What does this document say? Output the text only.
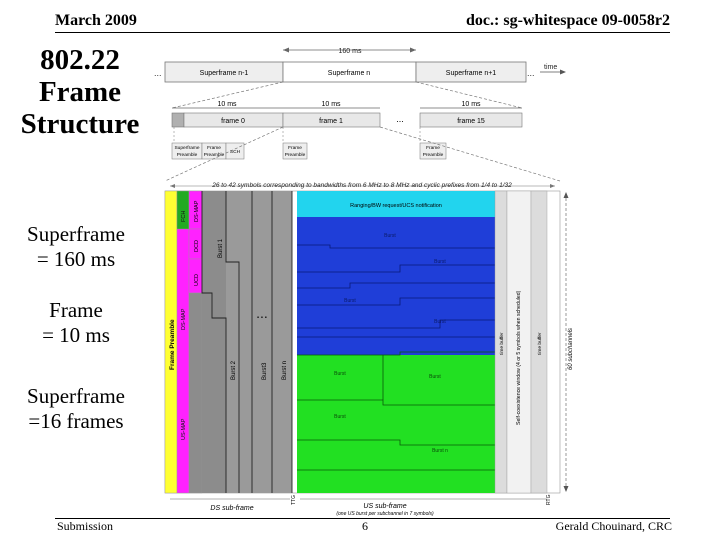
March 2009	doc.: sg-whitespace 09-0058r2
802.22
Frame
Structure
Superframe
= 160 ms
Frame
= 10 ms
Superframe
=16 frames
160 ms
...	Superframe n-1	Superframe n	Superframe n+1	...
time
10 ms	10 ms	10 ms
frame 0	frame 1	...	frame 15
Superframe
Preamble
Frame
Preamble
SCH
Frame
Preamble
Frame
Preamble
26 to 42 symbols corresponding to bandwidths from 6 MHz to 8 MHz and cyclic prefixes from 1/4 to 1/32
Frame Preamble
FCH
DS-MAP
US-MAP
DS-MAP
DCD
UCD
Burst 1
Burst 2	Burst3 Burst n
...
Ranging/BW request/UCS notification
Burst
Burst
Burst
Burst
Burst	Burst
Burst
Burst n
time buffer Self-coexistence window (4 or 5 symbols when scheduled)	time buffer	60 subchannels
TTG	RTG
DS sub-frame	US sub-frame
(one US burst per subchannel in 7 symbols)
Submission	6	Gerald Chouinard, CRC
